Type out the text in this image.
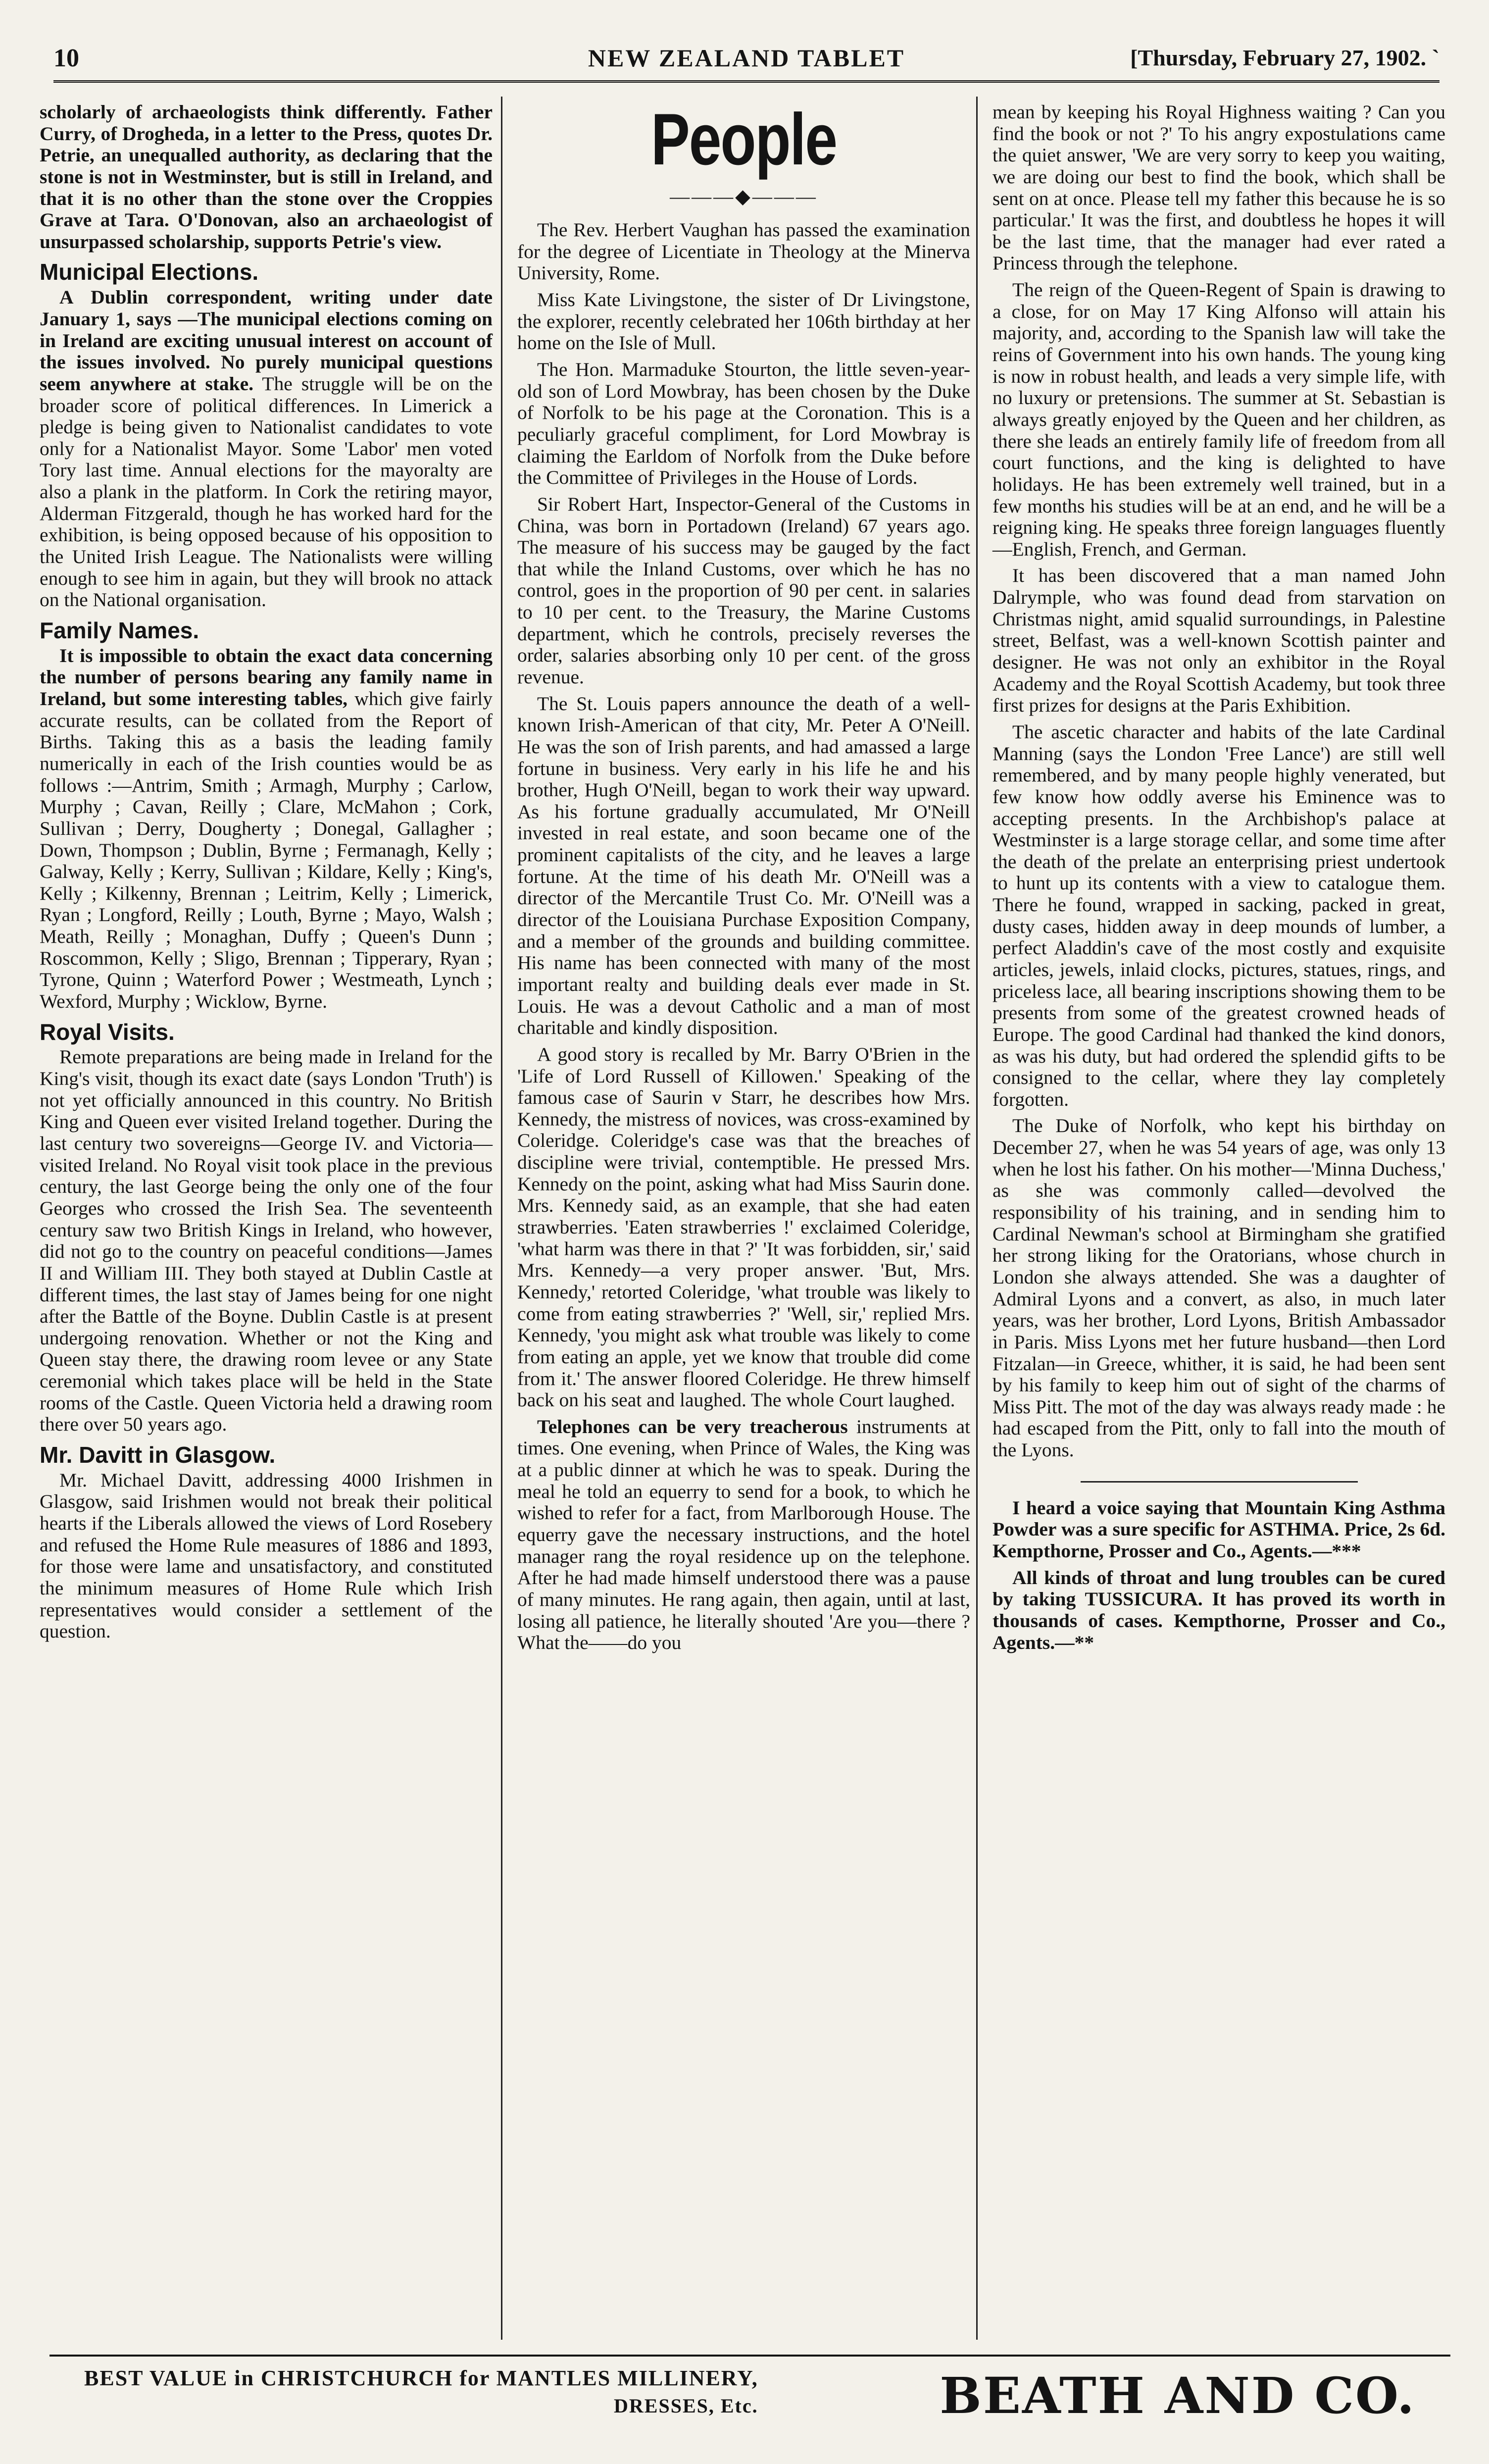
10	NEW ZEALAND TABLET	[Thursday, February 27, 1902. `

scholarly of archaeologists think differently. Father Curry, of Drogheda, in a letter to the Press, quotes Dr. Petrie, an unequalled authority, as declaring that the stone is not in Westminster, but is still in Ireland, and that it is no other than the stone over the Croppies Grave at Tara. O'Donovan, also an archaeologist of unsurpassed scholarship, supports Petrie's view.

Municipal Elections.

A Dublin correspondent, writing under date January 1, says —The municipal elections coming on in Ireland are exciting unusual interest on account of the issues involved. No purely municipal questions seem anywhere at stake. The struggle will be on the broader score of political differences. In Limerick a pledge is being given to Nationalist candidates to vote only for a Nationalist Mayor. Some 'Labor' men voted Tory last time. Annual elections for the mayoralty are also a plank in the platform. In Cork the retiring mayor, Alderman Fitzgerald, though he has worked hard for the exhibition, is being opposed because of his opposition to the United Irish League. The Nationalists were willing enough to see him in again, but they will brook no attack on the National organisation.

Family Names.

It is impossible to obtain the exact data concerning the number of persons bearing any family name in Ireland, but some interesting tables, which give fairly accurate results, can be collated from the Report of Births. Taking this as a basis the leading family numerically in each of the Irish counties would be as follows :—Antrim, Smith ; Armagh, Murphy ; Carlow, Murphy ; Cavan, Reilly ; Clare, McMahon ; Cork, Sullivan ; Derry, Dougherty ; Donegal, Gallagher ; Down, Thompson ; Dublin, Byrne ; Fermanagh, Kelly ; Galway, Kelly ; Kerry, Sullivan ; Kildare, Kelly ; King's, Kelly ; Kilkenny, Brennan ; Leitrim, Kelly ; Limerick, Ryan ; Longford, Reilly ; Louth, Byrne ; Mayo, Walsh ; Meath, Reilly ; Monaghan, Duffy ; Queen's Dunn ; Roscommon, Kelly ; Sligo, Brennan ; Tipperary, Ryan ; Tyrone, Quinn ; Waterford Power ; Westmeath, Lynch ; Wexford, Murphy ; Wicklow, Byrne.

Royal Visits.

Remote preparations are being made in Ireland for the King's visit, though its exact date (says London 'Truth') is not yet officially announced in this country. No British King and Queen ever visited Ireland together. During the last century two sovereigns—George IV. and Victoria—visited Ireland. No Royal visit took place in the previous century, the last George being the only one of the four Georges who crossed the Irish Sea. The seventeenth century saw two British Kings in Ireland, who however, did not go to the country on peaceful conditions—James II and William III. They both stayed at Dublin Castle at different times, the last stay of James being for one night after the Battle of the Boyne. Dublin Castle is at present undergoing renovation. Whether or not the King and Queen stay there, the drawing room levee or any State ceremonial which takes place will be held in the State rooms of the Castle. Queen Victoria held a drawing room there over 50 years ago.

Mr. Davitt in Glasgow.

Mr. Michael Davitt, addressing 4000 Irishmen in Glasgow, said Irishmen would not break their political hearts if the Liberals allowed the views of Lord Rosebery and refused the Home Rule measures of 1886 and 1893, for those were lame and unsatisfactory, and constituted the minimum measures of Home Rule which Irish representatives would consider a settlement of the question.

People
———◆———

The Rev. Herbert Vaughan has passed the examination for the degree of Licentiate in Theology at the Minerva University, Rome.

Miss Kate Livingstone, the sister of Dr Livingstone, the explorer, recently celebrated her 106th birthday at her home on the Isle of Mull.

The Hon. Marmaduke Stourton, the little seven-year-old son of Lord Mowbray, has been chosen by the Duke of Norfolk to be his page at the Coronation. This is a peculiarly graceful compliment, for Lord Mowbray is claiming the Earldom of Norfolk from the Duke before the Committee of Privileges in the House of Lords.

Sir Robert Hart, Inspector-General of the Customs in China, was born in Portadown (Ireland) 67 years ago. The measure of his success may be gauged by the fact that while the Inland Customs, over which he has no control, goes in the proportion of 90 per cent. in salaries to 10 per cent. to the Treasury, the Marine Customs department, which he controls, precisely reverses the order, salaries absorbing only 10 per cent. of the gross revenue.

The St. Louis papers announce the death of a well-known Irish-American of that city, Mr. Peter A O'Neill. He was the son of Irish parents, and had amassed a large fortune in business. Very early in his life he and his brother, Hugh O'Neill, began to work their way upward. As his fortune gradually accumulated, Mr O'Neill invested in real estate, and soon became one of the prominent capitalists of the city, and he leaves a large fortune. At the time of his death Mr. O'Neill was a director of the Mercantile Trust Co. Mr. O'Neill was a director of the Louisiana Purchase Exposition Company, and a member of the grounds and building committee. His name has been connected with many of the most important realty and building deals ever made in St. Louis. He was a devout Catholic and a man of most charitable and kindly disposition.

A good story is recalled by Mr. Barry O'Brien in the 'Life of Lord Russell of Killowen.' Speaking of the famous case of Saurin v Starr, he describes how Mrs. Kennedy, the mistress of novices, was cross-examined by Coleridge. Coleridge's case was that the breaches of discipline were trivial, contemptible. He pressed Mrs. Kennedy on the point, asking what had Miss Saurin done. Mrs. Kennedy said, as an example, that she had eaten strawberries. 'Eaten strawberries !' exclaimed Coleridge, 'what harm was there in that ?' 'It was forbidden, sir,' said Mrs. Kennedy—a very proper answer. 'But, Mrs. Kennedy,' retorted Coleridge, 'what trouble was likely to come from eating strawberries ?' 'Well, sir,' replied Mrs. Kennedy, 'you might ask what trouble was likely to come from eating an apple, yet we know that trouble did come from it.' The answer floored Coleridge. He threw himself back on his seat and laughed. The whole Court laughed.

Telephones can be very treacherous instruments at times. One evening, when Prince of Wales, the King was at a public dinner at which he was to speak. During the meal he told an equerry to send for a book, to which he wished to refer for a fact, from Marlborough House. The equerry gave the necessary instructions, and the hotel manager rang the royal residence up on the telephone. After he had made himself understood there was a pause of many minutes. He rang again, then again, until at last, losing all patience, he literally shouted 'Are you—there ? What the——do you

mean by keeping his Royal Highness waiting ? Can you find the book or not ?' To his angry expostulations came the quiet answer, 'We are very sorry to keep you waiting, we are doing our best to find the book, which shall be sent on at once. Please tell my father this because he is so particular.' It was the first, and doubtless he hopes it will be the last time, that the manager had ever rated a Princess through the telephone.

The reign of the Queen-Regent of Spain is drawing to a close, for on May 17 King Alfonso will attain his majority, and, according to the Spanish law will take the reins of Government into his own hands. The young king is now in robust health, and leads a very simple life, with no luxury or pretensions. The summer at St. Sebastian is always greatly enjoyed by the Queen and her children, as there she leads an entirely family life of freedom from all court functions, and the king is delighted to have holidays. He has been extremely well trained, but in a few months his studies will be at an end, and he will be a reigning king. He speaks three foreign languages fluently—English, French, and German.

It has been discovered that a man named John Dalrymple, who was found dead from starvation on Christmas night, amid squalid surroundings, in Palestine street, Belfast, was a well-known Scottish painter and designer. He was not only an exhibitor in the Royal Academy and the Royal Scottish Academy, but took three first prizes for designs at the Paris Exhibition.

The ascetic character and habits of the late Cardinal Manning (says the London 'Free Lance') are still well remembered, and by many people highly venerated, but few know how oddly averse his Eminence was to accepting presents. In the Archbishop's palace at Westminster is a large storage cellar, and some time after the death of the prelate an enterprising priest undertook to hunt up its contents with a view to catalogue them. There he found, wrapped in sacking, packed in great, dusty cases, hidden away in deep mounds of lumber, a perfect Aladdin's cave of the most costly and exquisite articles, jewels, inlaid clocks, pictures, statues, rings, and priceless lace, all bearing inscriptions showing them to be presents from some of the greatest crowned heads of Europe. The good Cardinal had thanked the kind donors, as was his duty, but had ordered the splendid gifts to be consigned to the cellar, where they lay completely forgotten.

The Duke of Norfolk, who kept his birthday on December 27, when he was 54 years of age, was only 13 when he lost his father. On his mother—'Minna Duchess,' as she was commonly called—devolved the responsibility of his training, and in sending him to Cardinal Newman's school at Birmingham she gratified her strong liking for the Oratorians, whose church in London she always attended. She was a daughter of Admiral Lyons and a convert, as also, in much later years, was her brother, Lord Lyons, British Ambassador in Paris. Miss Lyons met her future husband—then Lord Fitzalan—in Greece, whither, it is said, he had been sent by his family to keep him out of sight of the charms of Miss Pitt. The mot of the day was always ready made : he had escaped from the Pitt, only to fall into the mouth of the Lyons.

I heard a voice saying that Mountain King Asthma Powder was a sure specific for ASTHMA. Price, 2s 6d. Kempthorne, Prosser and Co., Agents.—***

All kinds of throat and lung troubles can be cured by taking TUSSICURA. It has proved its worth in thousands of cases. Kempthorne, Prosser and Co., Agents.—**

BEST VALUE in CHRISTCHURCH for MANTLES MILLINERY,
DRESSES, Etc.	BEATH AND CO.
